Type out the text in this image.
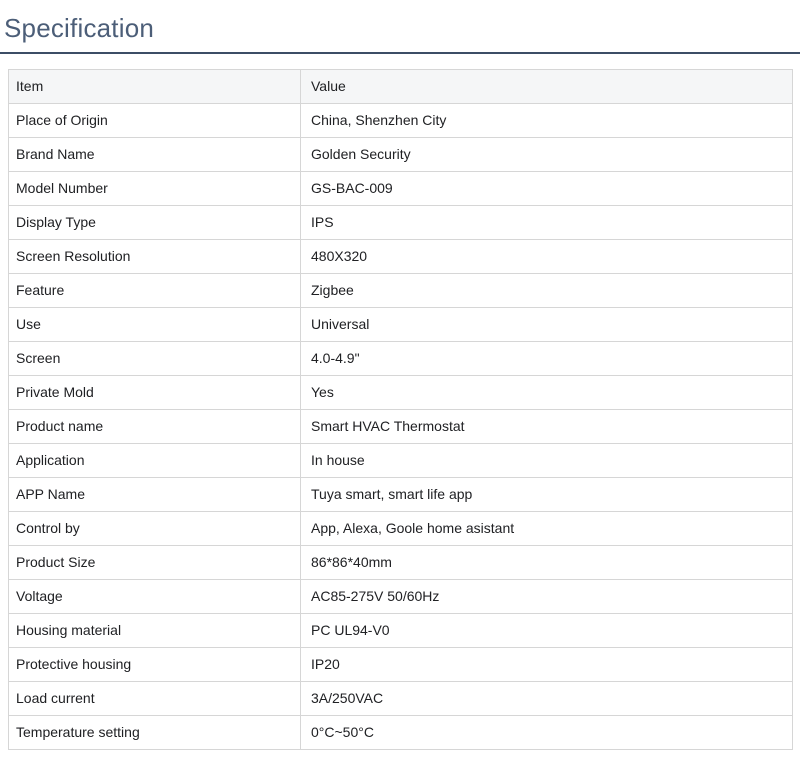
Specification
Item	Value
Place of Origin	China, Shenzhen City
Brand Name	Golden Security
Model Number	GS-BAC-009
Display Type	IPS
Screen Resolution	480X320
Feature	Zigbee
Use	Universal
Screen	4.0-4.9"
Private Mold	Yes
Product name	Smart HVAC Thermostat
Application	In house
APP Name	Tuya smart, smart life app
Control by	App, Alexa, Goole home asistant
Product Size	86*86*40mm
Voltage	AC85-275V 50/60Hz
Housing material	PC UL94-V0
Protective housing	IP20
Load current	3A/250VAC
Temperature setting	0°C~50°C
